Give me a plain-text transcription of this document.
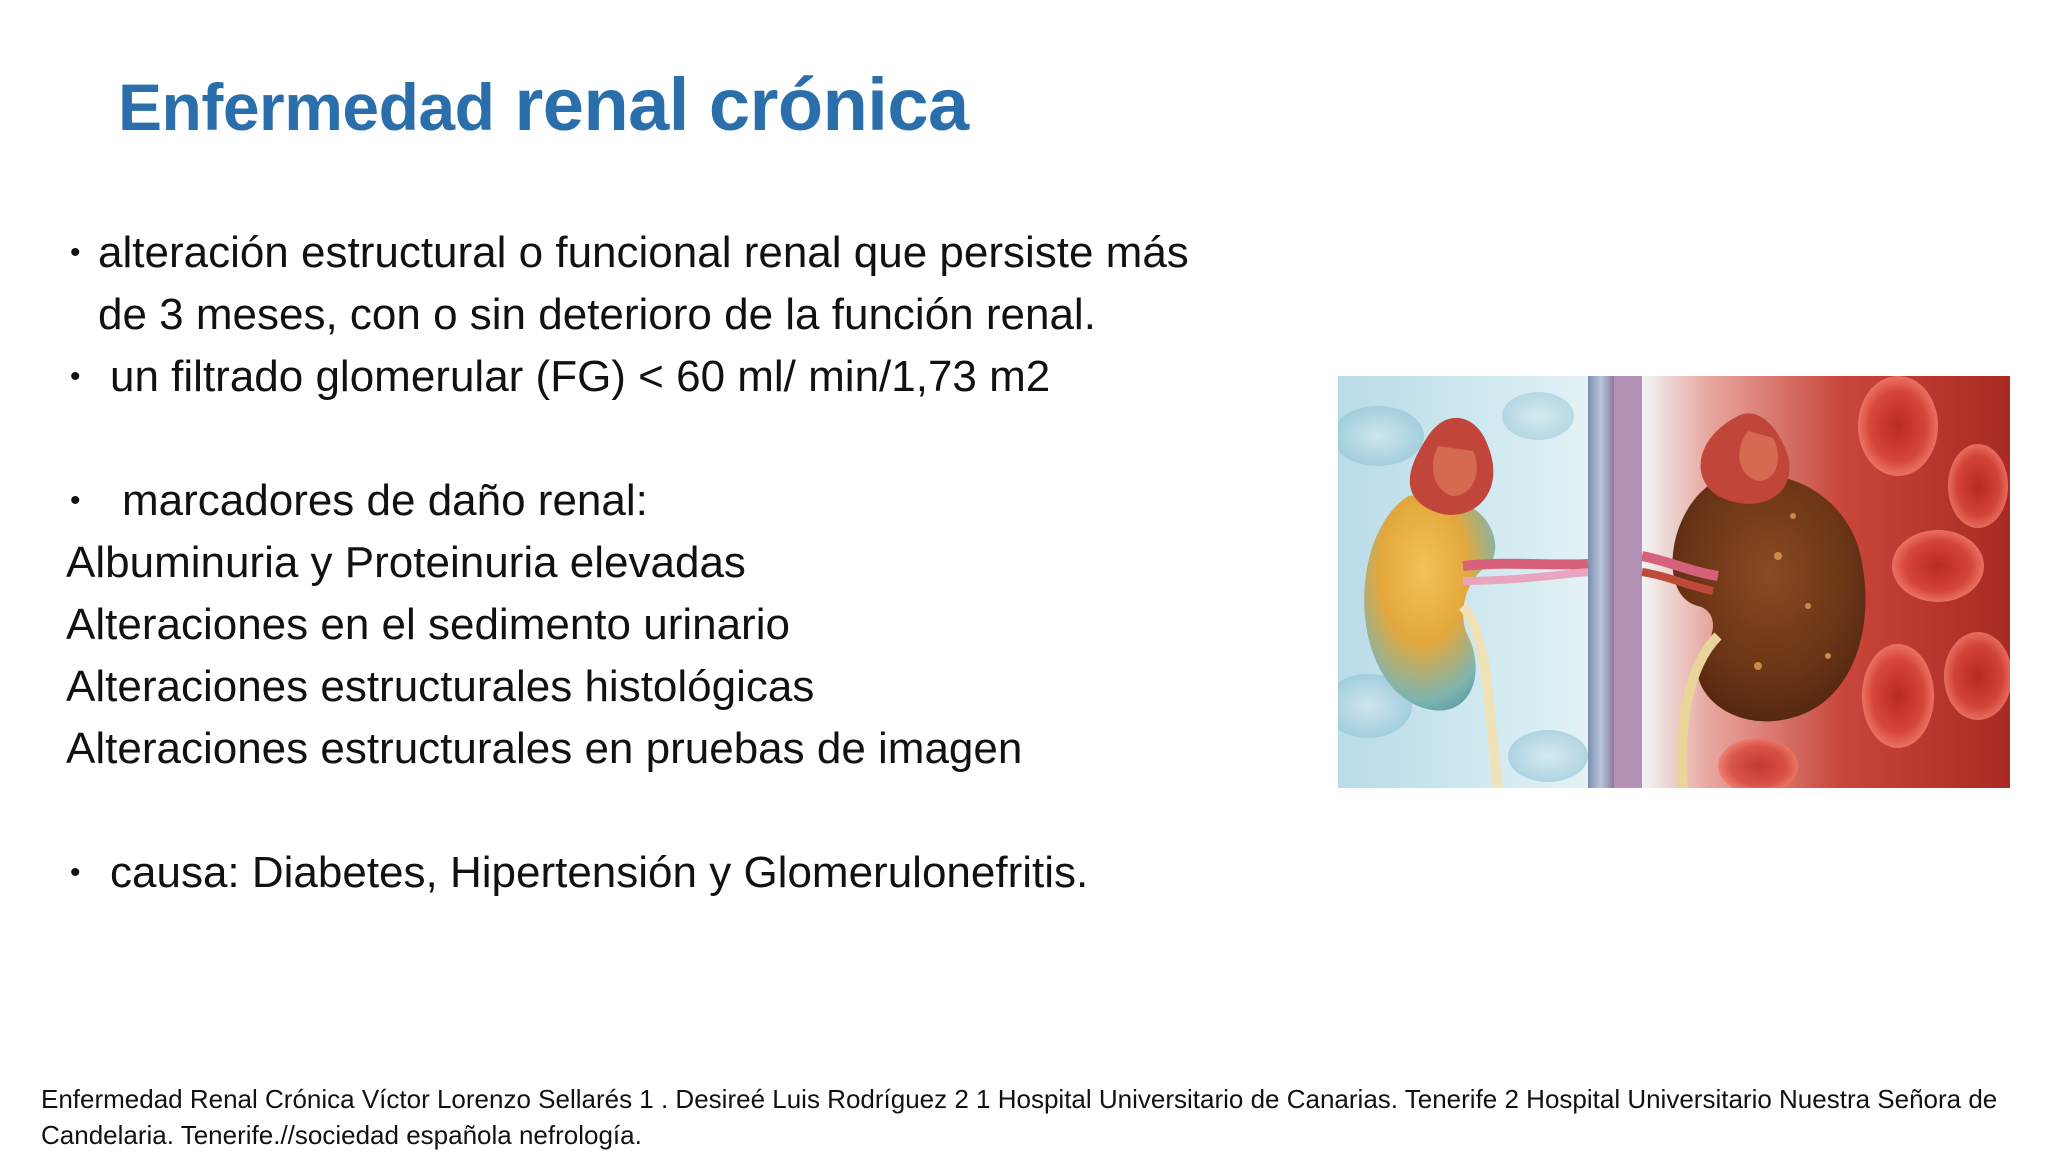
Enfermedad renal crónica
• alteración estructural o funcional renal que persiste más de 3 meses, con o sin deterioro de la función renal.
• un filtrado glomerular (FG) < 60 ml/ min/1,73 m2
• marcadores de daño renal:
Albuminuria y Proteinuria elevadas
Alteraciones en el sedimento urinario
Alteraciones estructurales histológicas
Alteraciones estructurales en pruebas de imagen
• causa: Diabetes, Hipertensión y Glomerulonefritis.
Enfermedad Renal Crónica Víctor Lorenzo Sellarés 1 . Desireé Luis Rodríguez 2 1 Hospital Universitario de Canarias. Tenerife 2 Hospital Universitario Nuestra Señora de Candelaria. Tenerife.//sociedad española nefrología.
